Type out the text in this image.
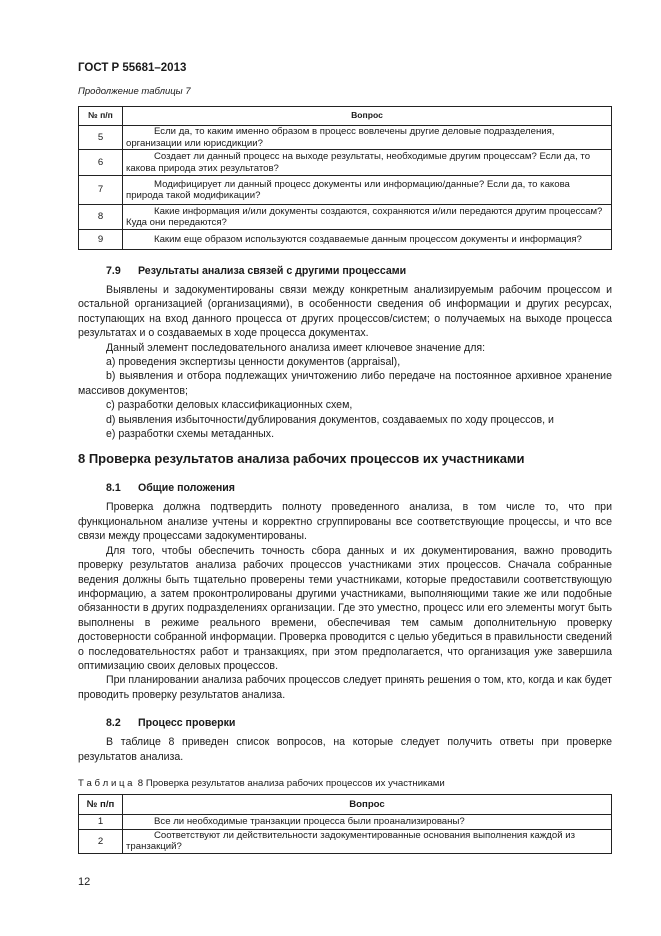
ГОСТ Р 55681–2013
Продолжение таблицы 7
№ п/п	Вопрос
5	Если да, то каким именно образом в процесс вовлечены другие деловые подразделения, организации или юрисдикции?
6	Создает ли данный процесс на выходе результаты, необходимые другим процессам? Если да, то какова природа этих результатов?
7	Модифицирует ли данный процесс документы или информацию/данные? Если да, то какова природа такой модификации?
8	Какие информация и/или документы создаются, сохраняются и/или передаются другим процессам? Куда они передаются?
9	Каким еще образом используются создаваемые данным процессом документы и информация?
7.9 Результаты анализа связей с другими процессами

Выявлены и задокументированы связи между конкретным анализируемым рабочим процессом и остальной организацией (организациями), в особенности сведения об информации и других ресурсах, поступающих на вход данного процесса от других процессов/систем; о получаемых на выходе процесса результатах и о создаваемых в ходе процесса документах.

Данный элемент последовательного анализа имеет ключевое значение для:

a) проведения экспертизы ценности документов (appraisal),

b) выявления и отбора подлежащих уничтожению либо передаче на постоянное архивное хранение массивов документов;

c) разработки деловых классификационных схем,

d) выявления избыточности/дублирования документов, создаваемых по ходу процессов, и

e) разработки схемы метаданных.

8 Проверка результатов анализа рабочих процессов их участниками
8.1 Общие положения

Проверка должна подтвердить полноту проведенного анализа, в том числе то, что при функциональном анализе учтены и корректно сгруппированы все соответствующие процессы, и что все связи между процессами задокументированы.

Для того, чтобы обеспечить точность сбора данных и их документирования, важно проводить проверку результатов анализа рабочих процессов участниками этих процессов. Сначала собранные ведения должны быть тщательно проверены теми участниками, которые предоставили соответствующую информацию, а затем проконтролированы другими участниками, выполняющими такие же или подобные обязанности в других подразделениях организации. Где это уместно, процесс или его элементы могут быть выполнены в режиме реального времени, обеспечивая тем самым дополнительную проверку достоверности собранной информации. Проверка проводится с целью убедиться в правильности сведений о последовательностях работ и транзакциях, при этом предполагается, что организация уже завершила оптимизацию своих деловых процессов.

При планировании анализа рабочих процессов следует принять решения о том, кто, когда и как будет проводить проверку результатов анализа.

8.2 Процесс проверки

В таблице 8 приведен список вопросов, на которые следует получить ответы при проверке результатов анализа.

Т а б л и ц а  8 Проверка результатов анализа рабочих процессов их участниками
№ п/п	Вопрос
1	Все ли необходимые транзакции процесса были проанализированы?
2	Соответствуют ли действительности задокументированные основания выполнения каждой из транзакций?
12
